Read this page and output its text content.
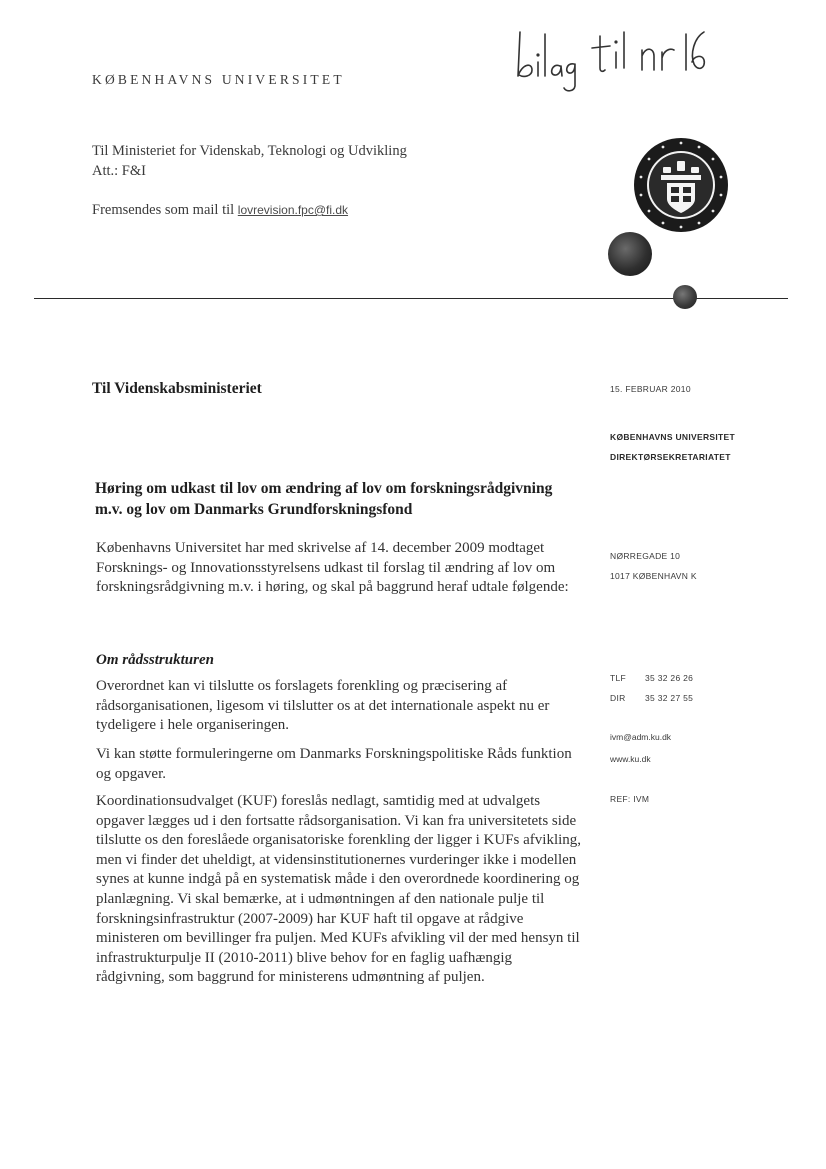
KØBENHAVNS UNIVERSITET
Til Ministeriet for Videnskab, Teknologi og Udvikling
Att.: F&I
Fremsendes som mail til lovrevision.fpc@fi.dk
Til Videnskabsministeriet
Høring om udkast til lov om ændring af lov om forskningsrådgivning m.v. og lov om Danmarks Grundforskningsfond

Københavns Universitet har med skrivelse af 14. december 2009 modtaget Forsknings- og Innovationsstyrelsens udkast til forslag til ændring af lov om forskningsrådgivning m.v. i høring, og skal på baggrund heraf udtale følgende:

Om rådsstrukturen

Overordnet kan vi tilslutte os forslagets forenkling og præcisering af rådsorganisationen, ligesom vi tilslutter os at det internationale aspekt nu er tydeligere i hele organiseringen.

Vi kan støtte formuleringerne om Danmarks Forskningspolitiske Råds funktion og opgaver.

Koordinationsudvalget (KUF) foreslås nedlagt, samtidig med at udvalgets opgaver lægges ud i den fortsatte rådsorganisation. Vi kan fra universitetets side tilslutte os den foreslåede organisatoriske forenkling der ligger i KUFs afvikling, men vi finder det uheldigt, at vidensinstitutionernes vurderinger ikke i modellen synes at kunne indgå på en systematisk måde i den overordnede koordinering og planlægning. Vi skal bemærke, at i udmøntningen af den nationale pulje til forskningsinfrastruktur (2007-2009) har KUF haft til opgave at rådgive ministeren om bevillinger fra puljen. Med KUFs afvikling vil der med hensyn til infrastrukturpulje II (2010-2011) blive behov for en faglig uafhængig rådgivning, som baggrund for ministerens udmøntning af puljen.

15. FEBRUAR 2010
KØBENHAVNS UNIVERSITET
DIREKTØRSEKRETARIATET
NØRREGADE 10
1017 KØBENHAVN K
TLF 35 32 26 26
DIR 35 32 27 55
ivm@adm.ku.dk
www.ku.dk
REF: IVM
